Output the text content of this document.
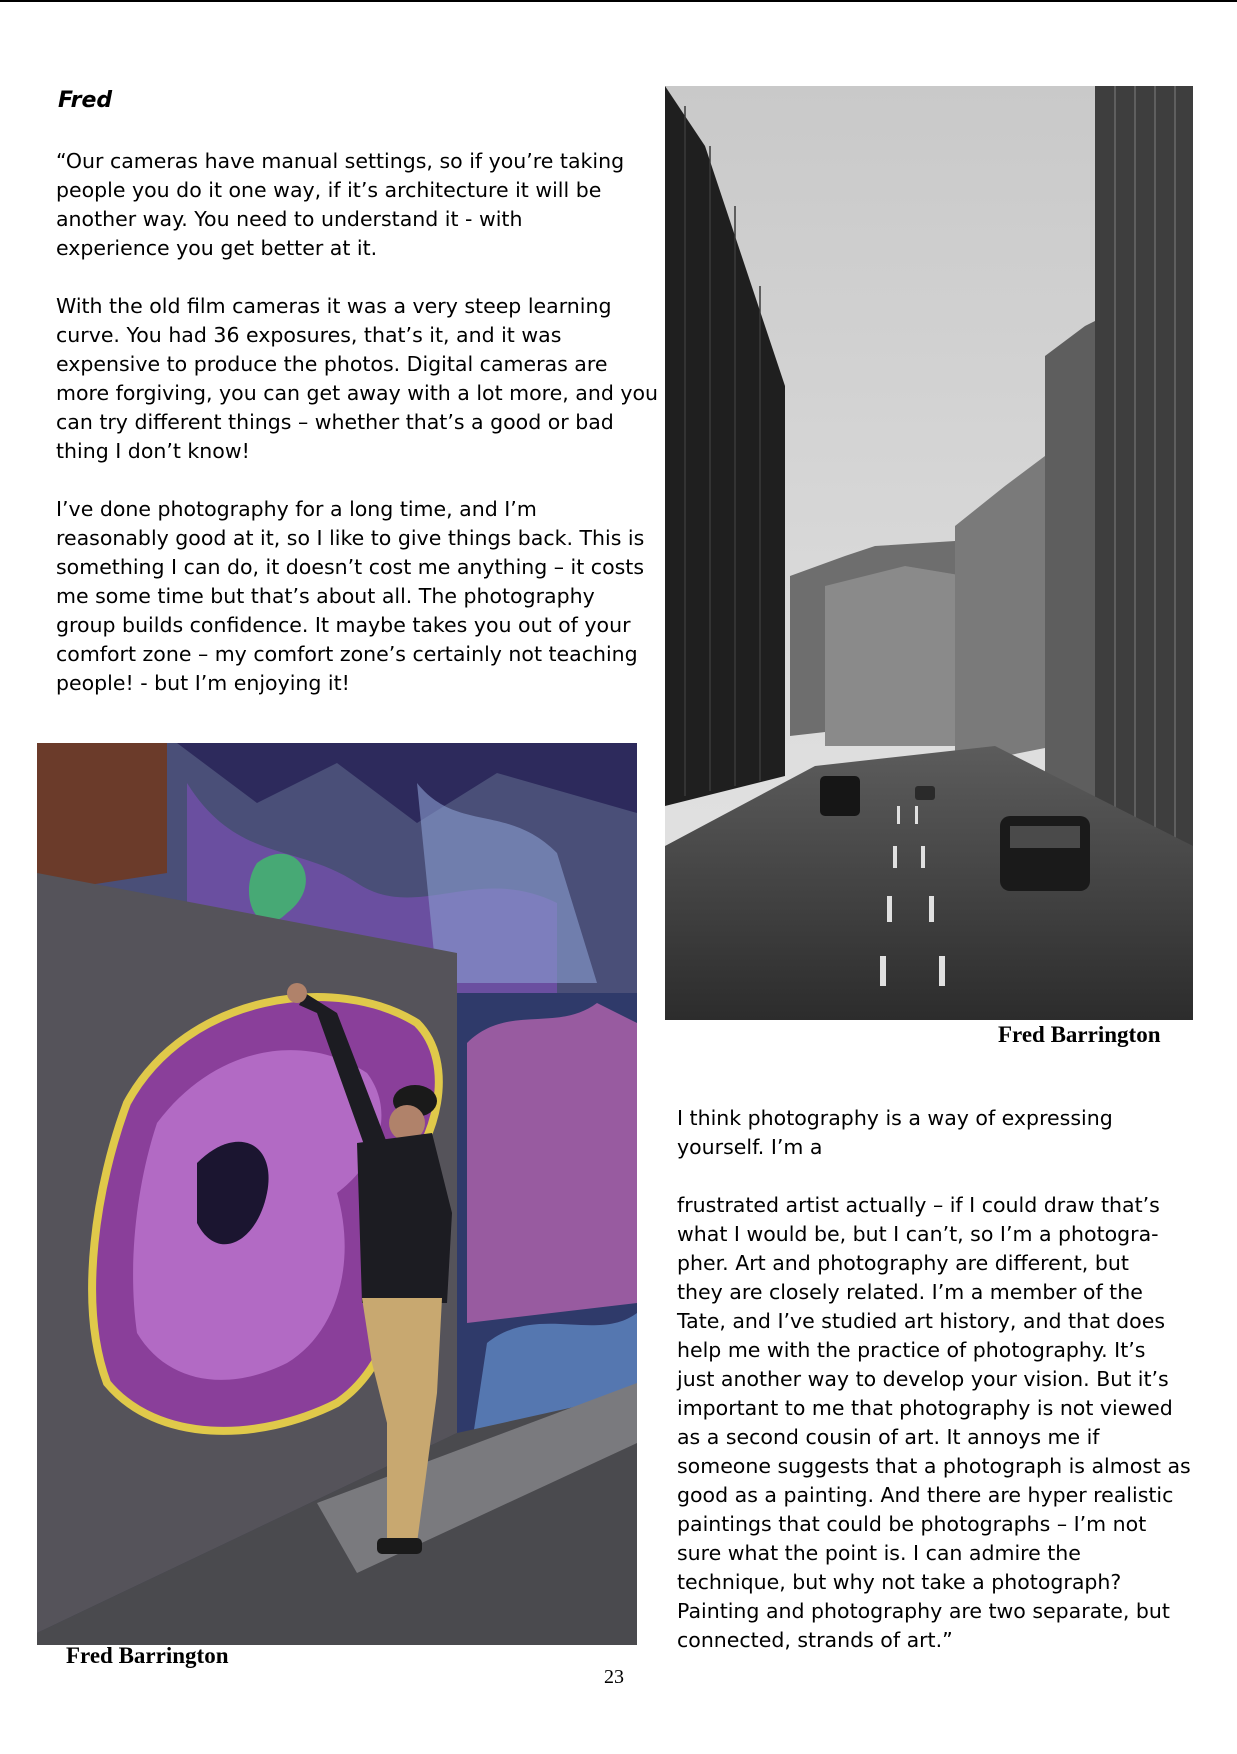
Fred

“Our cameras have manual settings, so if you’re taking
people you do it one way, if it’s architecture it will be
another way. You need to understand it - with
experience you get better at it.

With the old film cameras it was a very steep learning
curve. You had 36 exposures, that’s it, and it was
expensive to produce the photos. Digital cameras are
more forgiving, you can get away with a lot more, and you
can try different things – whether that’s a good or bad
thing I don’t know!

I’ve done photography for a long time, and I’m
reasonably good at it, so I like to give things back. This is
something I can do, it doesn’t cost me anything – it costs
me some time but that’s about all. The photography
group builds confidence. It maybe takes you out of your
comfort zone – my comfort zone’s certainly not teaching
people! - but I’m enjoying it!

Fred Barrington
Fred Barrington

I think photography is a way of expressing
yourself. I’m a

frustrated artist actually – if I could draw that’s
what I would be, but I can’t, so I’m a photogra-
pher. Art and photography are different, but
they are closely related. I’m a member of the
Tate, and I’ve studied art history, and that does
help me with the practice of photography. It’s
just another way to develop your vision. But it’s
important to me that photography is not viewed
as a second cousin of art. It annoys me if
someone suggests that a photograph is almost as
good as a painting. And there are hyper realistic
paintings that could be photographs – I’m not
sure what the point is. I can admire the
technique, but why not take a photograph?
Painting and photography are two separate, but
connected, strands of art.”

23
